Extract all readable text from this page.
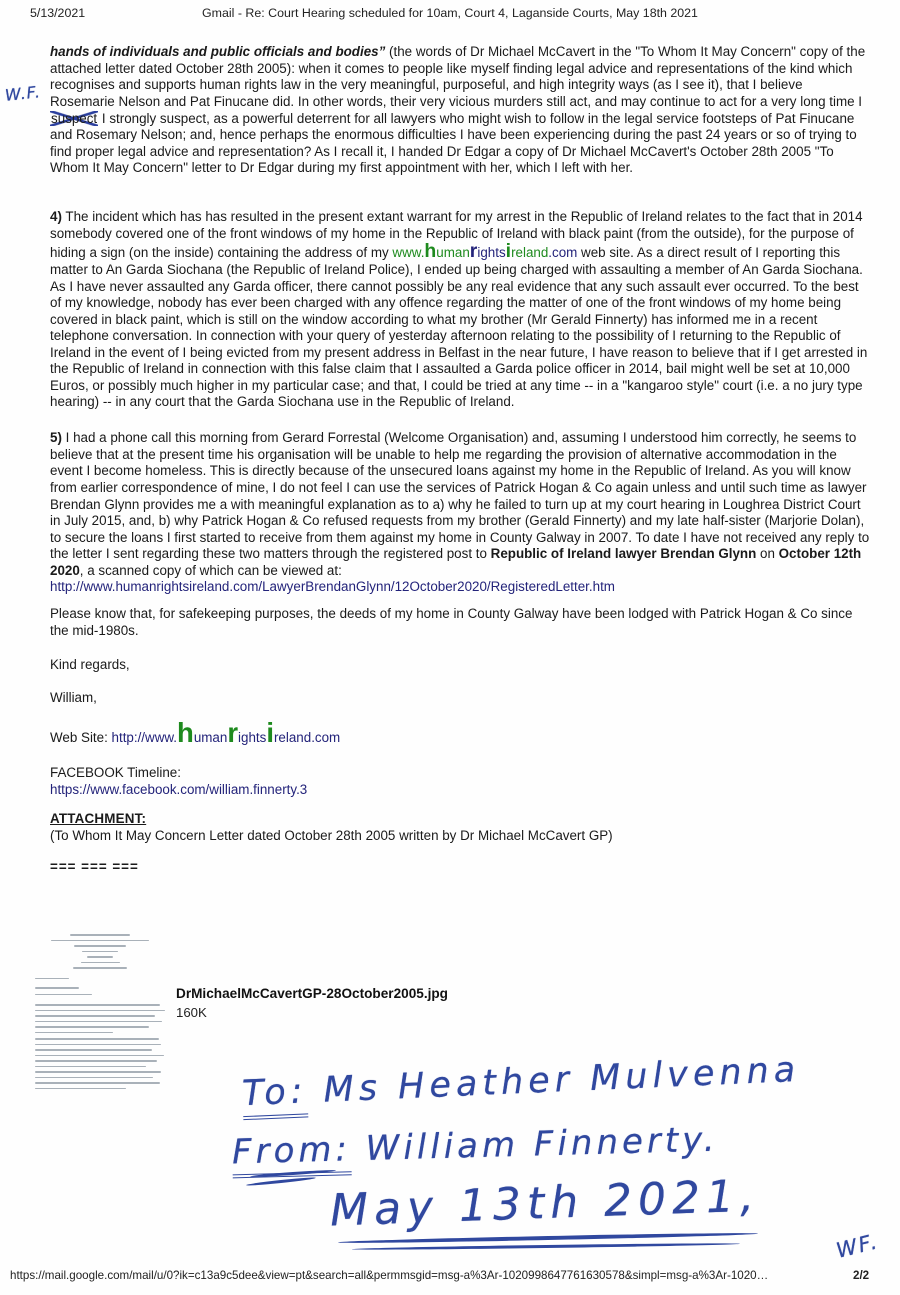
5/13/2021	Gmail - Re: Court Hearing scheduled for 10am, Court 4, Laganside Courts, May 18th 2021

hands of individuals and public officials and bodies” (the words of Dr Michael McCavert in the "To Whom It May Concern" copy of the attached letter dated October 28th 2005): when it comes to people like myself finding legal advice and representations of the kind which recognises and supports human rights law in the very meaningful, purposeful, and high integrity ways (as I see it), that I believe Rosemarie Nelson and Pat Finucane did. In other words, their very vicious murders still act, and may continue to act for a very long time I suspect I strongly suspect, as a powerful deterrent for all lawyers who might wish to follow in the legal service footsteps of Pat Finucane and Rosemary Nelson; and, hence perhaps the enormous difficulties I have been experiencing during the past 24 years or so of trying to find proper legal advice and representation? As I recall it, I handed Dr Edgar a copy of Dr Michael McCavert's October 28th 2005 "To Whom It May Concern" letter to Dr Edgar during my first appointment with her, which I left with her.

4) The incident which has has resulted in the present extant warrant for my arrest in the Republic of Ireland relates to the fact that in 2014 somebody covered one of the front windows of my home in the Republic of Ireland with black paint (from the outside), for the purpose of hiding a sign (on the inside) containing the address of my www.humanrightsireland.com web site. As a direct result of I reporting this matter to An Garda Siochana (the Republic of Ireland Police), I ended up being charged with assaulting a member of An Garda Siochana. As I have never assaulted any Garda officer, there cannot possibly be any real evidence that any such assault ever occurred. To the best of my knowledge, nobody has ever been charged with any offence regarding the matter of one of the front windows of my home being covered in black paint, which is still on the window according to what my brother (Mr Gerald Finnerty) has informed me in a recent telephone conversation. In connection with your query of yesterday afternoon relating to the possibility of I returning to the Republic of Ireland in the event of I being evicted from my present address in Belfast in the near future, I have reason to believe that if I get arrested in the Republic of Ireland in connection with this false claim that I assaulted a Garda police officer in 2014, bail might well be set at 10,000 Euros, or possibly much higher in my particular case; and that, I could be tried at any time -- in a "kangaroo style" court (i.e. a no jury type hearing) -- in any court that the Garda Siochana use in the Republic of Ireland.

5) I had a phone call this morning from Gerard Forrestal (Welcome Organisation) and, assuming I understood him correctly, he seems to believe that at the present time his organisation will be unable to help me regarding the provision of alternative accommodation in the event I become homeless. This is directly because of the unsecured loans against my home in the Republic of Ireland. As you will know from earlier correspondence of mine, I do not feel I can use the services of Patrick Hogan & Co again unless and until such time as lawyer Brendan Glynn provides me a with meaningful explanation as to a) why he failed to turn up at my court hearing in Loughrea District Court in July 2015, and, b) why Patrick Hogan & Co refused requests from my brother (Gerald Finnerty) and my late half-sister (Marjorie Dolan), to secure the loans I first started to receive from them against my home in County Galway in 2007. To date I have not received any reply to the letter I sent regarding these two matters through the registered post to Republic of Ireland lawyer Brendan Glynn on October 12th 2020, a scanned copy of which can be viewed at:
http://www.humanrightsireland.com/LawyerBrendanGlynn/12October2020/RegisteredLetter.htm

Please know that, for safekeeping purposes, the deeds of my home in County Galway have been lodged with Patrick Hogan & Co since the mid-1980s.

Kind regards,

William,

Web Site: http://www.humanrightsireland.com

FACEBOOK Timeline:
https://www.facebook.com/william.finnerty.3

ATTACHMENT:

(To Whom It May Concern Letter dated October 28th 2005 written by Dr Michael McCavert GP)

=== === ===

DrMichaelMcCavertGP-28October2005.jpg
160K
W.F.
To: Ms Heather Mulvenna
From: William Finnerty.
May 13th 2021,
WF.
https://mail.google.com/mail/u/0?ik=c13a9c5dee&view=pt&search=all&permmsgid=msg-a%3Ar-1020998647761630578&simpl=msg-a%3Ar-1020…	2/2
